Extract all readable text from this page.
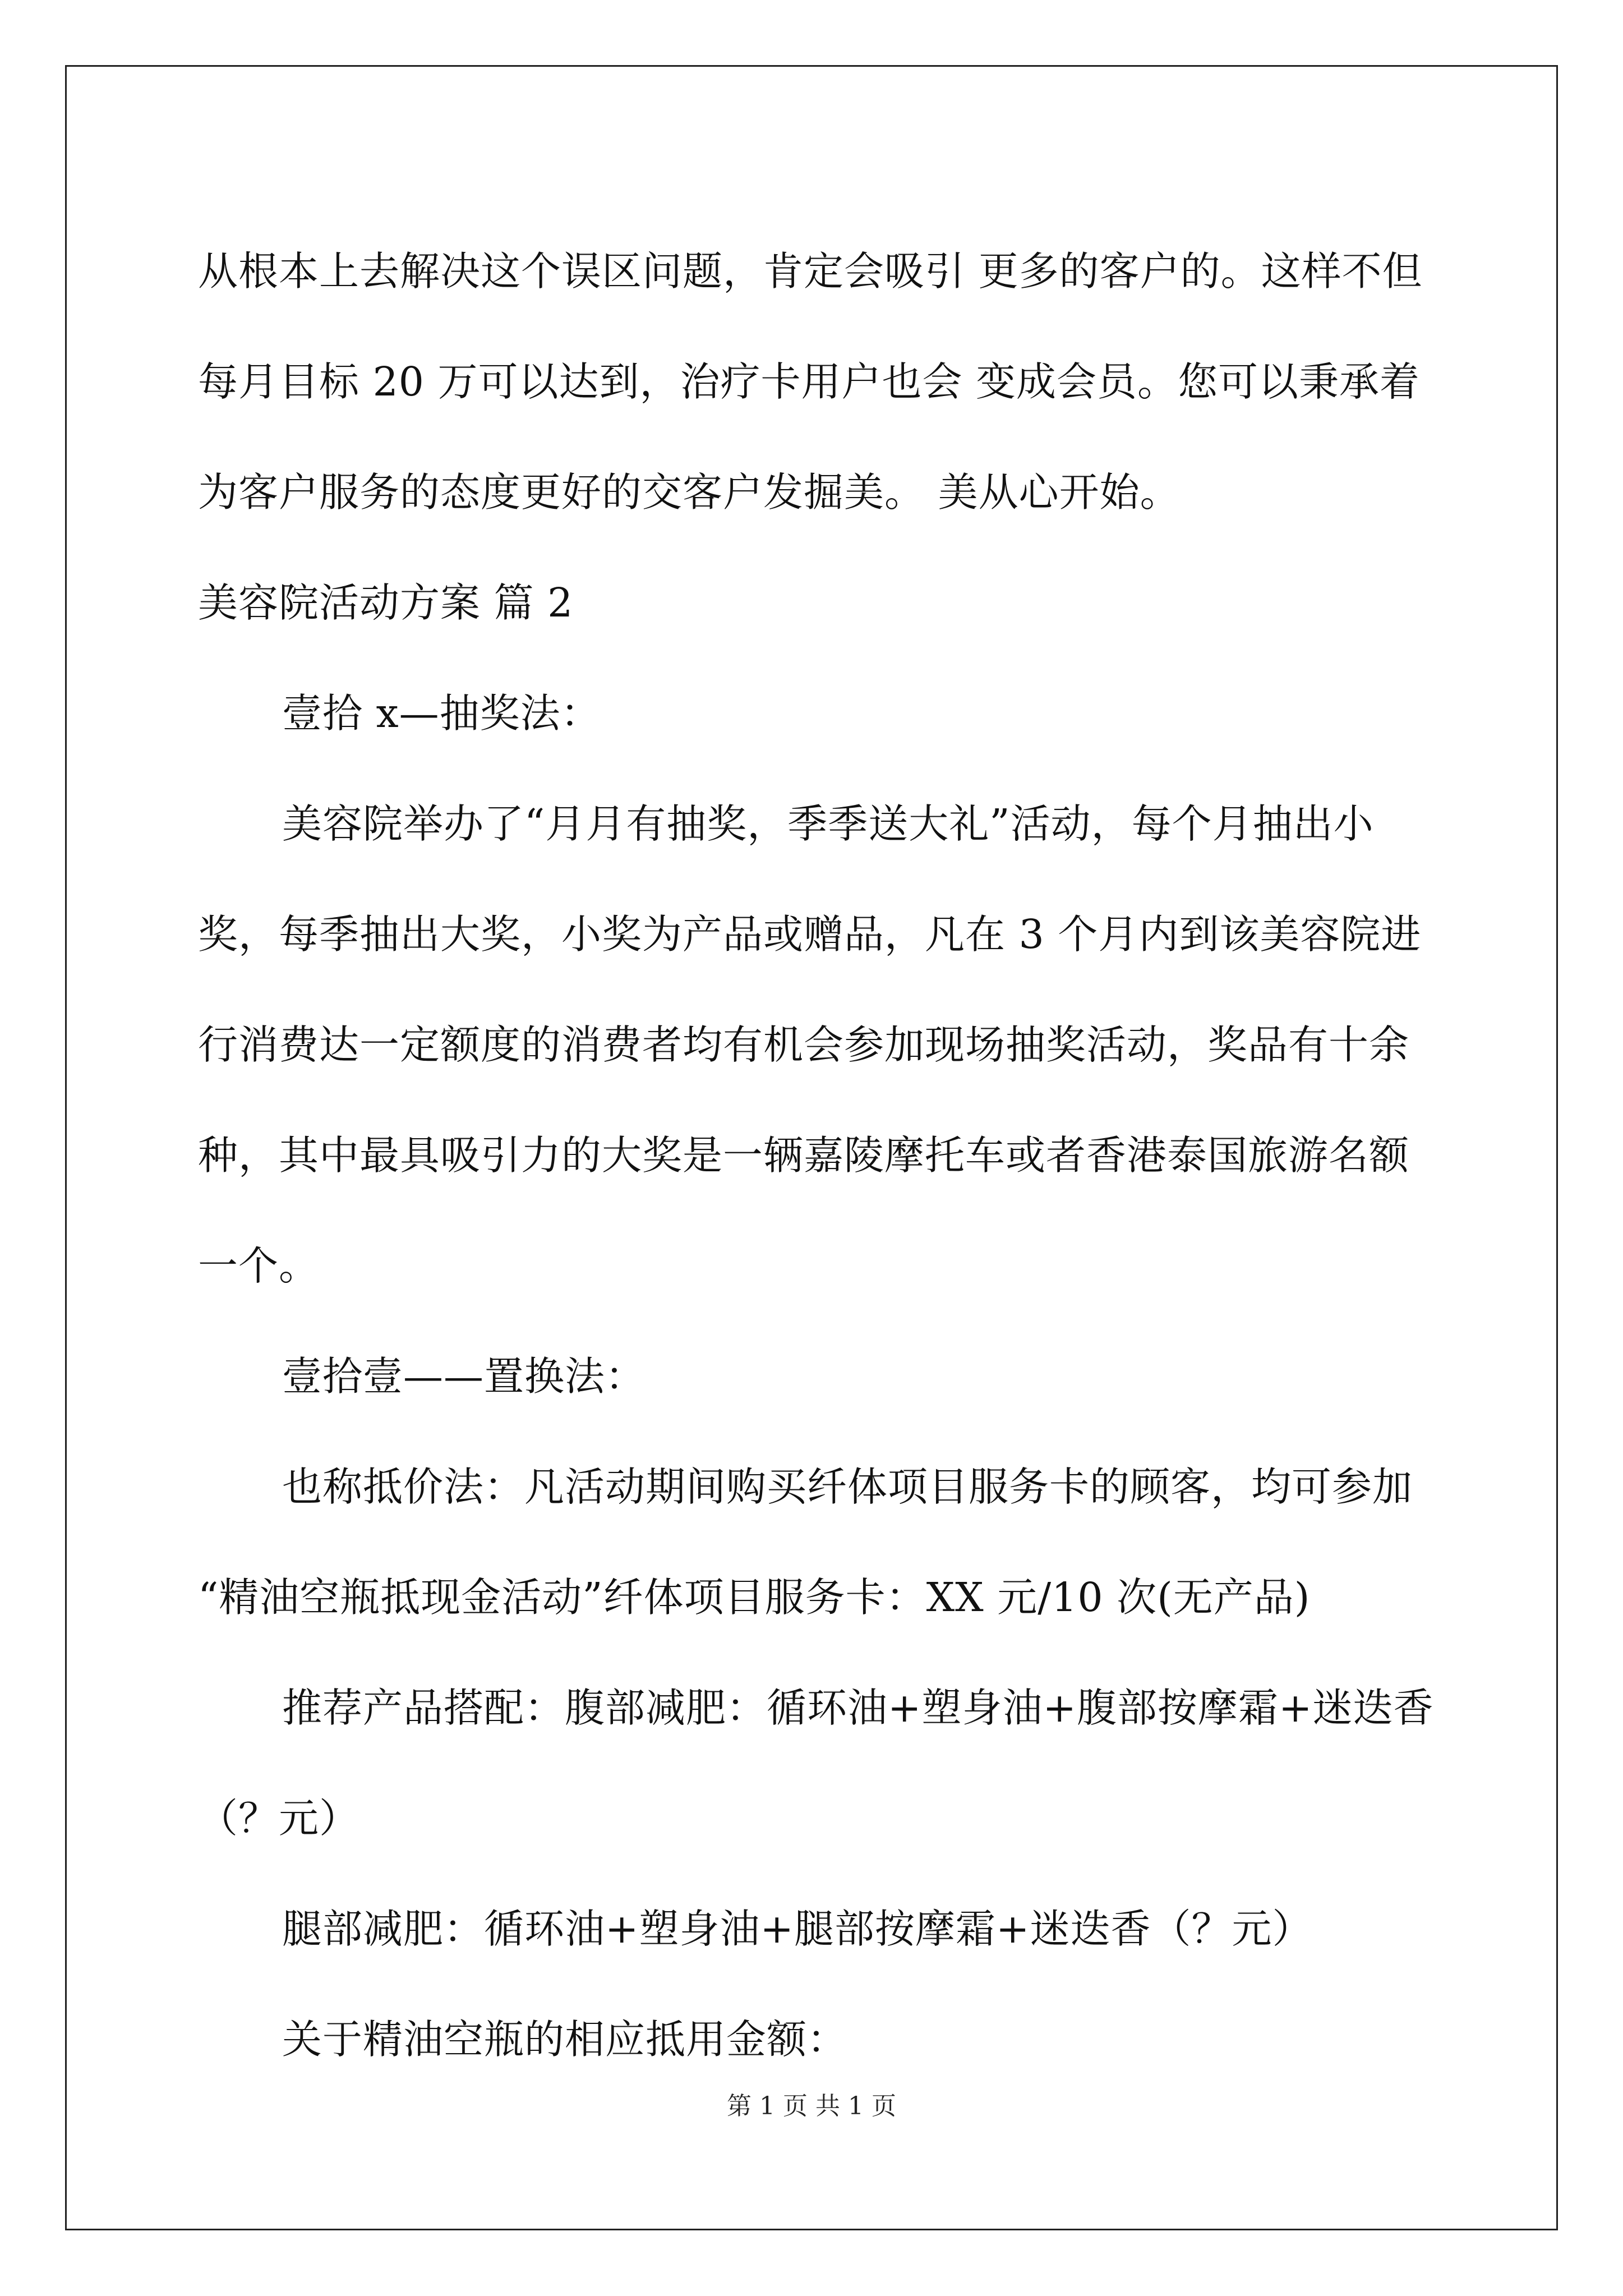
从根本上去解决这个误区问题，肯定会吸引 更多的客户的。这样不但
每月目标 20 万可以达到，治疗卡用户也会 变成会员。您可以秉承着
为客户服务的态度更好的交客户发掘美。 美从心开始。
美容院活动方案 篇 2
壹拾 x—抽奖法：
美容院举办了“月月有抽奖，季季送大礼”活动，每个月抽出小
奖，每季抽出大奖，小奖为产品或赠品，凡在 3 个月内到该美容院进
行消费达一定额度的消费者均有机会参加现场抽奖活动，奖品有十余
种，其中最具吸引力的大奖是一辆嘉陵摩托车或者香港泰国旅游名额
一个。
壹拾壹——置换法：
也称抵价法：凡活动期间购买纤体项目服务卡的顾客，均可参加
“精油空瓶抵现金活动”纤体项目服务卡：XX 元/10 次(无产品)
推荐产品搭配：腹部减肥：循环油+塑身油+腹部按摩霜+迷迭香
（？元）
腿部减肥：循环油+塑身油+腿部按摩霜+迷迭香（？元）
关于精油空瓶的相应抵用金额：
第 1 页 共 1 页
